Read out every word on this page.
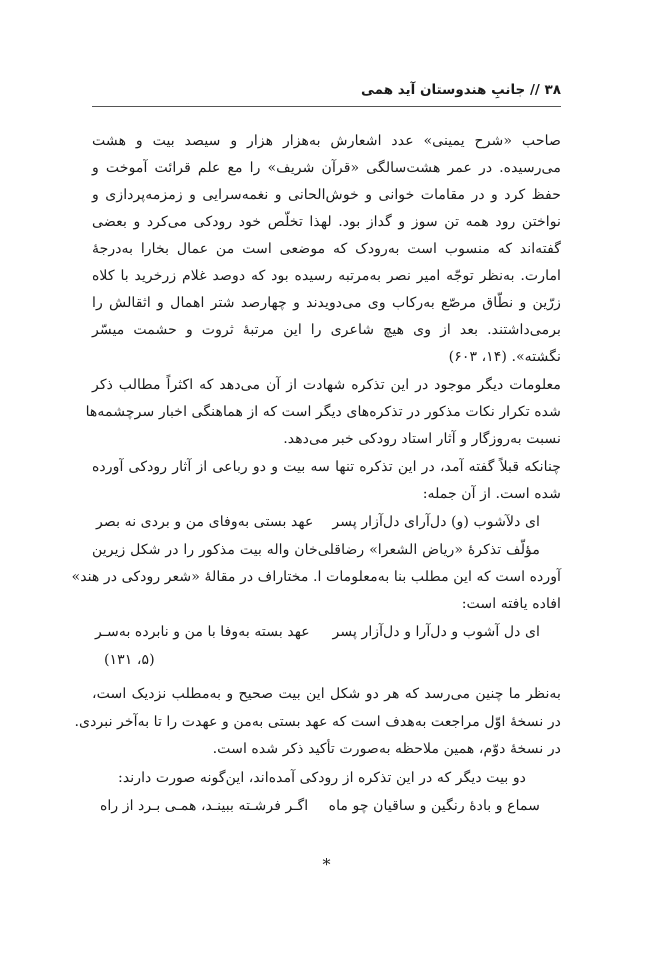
۳۸ // جانبِ هندوستان آید همی
صاحب «شرح یمینی» عدد اشعارش به‌هزار هزار و سیصد بیت و هشت
می‌رسیده. در عمر هشت‌سالگی «قرآن شریف» را مع علم قرائت آموخت و
حفظ کرد و در مقامات خوانی و خوش‌الحانی و نغمه‌سرایی و زمزمه‌پردازی و
نواختن رود همه تن سوز و گداز بود. لهذا تخلّص خود رودکی می‌کرد و بعضی
گفته‌اند که منسوب است به‌رودک که موضعی است من عمال بخارا به‌درجهٔ
امارت. به‌نظر توجّه امیر نصر به‌مرتبه رسیده بود که دوصد غلام زرخرید با کلاه
زرّین و نطّاق مرصّع به‌رکاب وی می‌دویدند و چهارصد شتر اهمال و اثقالش را
برمی‌داشتند. بعد از وی هیچ شاعری را این مرتبهٔ ثروت و حشمت میسّر
نگشته». (۱۴، ۶۰۳)
معلومات دیگر موجود در این تذکره شهادت از آن می‌دهد که اکثراً مطالب ذکر
شده تکرار نکات مذکور در تذکره‌های دیگر است که از هماهنگی اخبار سرچشمه‌ها
نسبت به‌روزگار و آثار استاد رودکی خبر می‌دهد.
چنانکه قبلاً گفته آمد، در این تذکره تنها سه بیت و دو رباعی از آثار رودکی آورده
شده است. از آن جمله:
ای دلآشوب (و) دل‌آرای دل‌آزار پسر
عهد بستی به‌وفای من و بردی نه بصر
مؤلّف تذکرهٔ «ریاض الشعرا» رضاقلی‌خان واله بیت مذکور را در شکل زیرین
آورده است که این مطلب بنا به‌معلومات ا. مختاراف در مقالهٔ «شعر رودکی در هند»
افاده یافته است:
ای دل آشوب و دل‌آرا و دل‌آزار پسر
عهد بسته به‌وفا با من و نابرده به‌سـر
(۵، ۱۳۱)
به‌نظر ما چنین می‌رسد که هر دو شکل این بیت صحیح و به‌مطلب نزدیک است،
در نسخهٔ اوّل مراجعت به‌هدف است که عهد بستی به‌من و عهدت را تا به‌آخر نبردی.
در نسخهٔ دوّم، همین ملاحظه به‌صورت تأکید ذکر شده است.
دو بیت دیگر که در این تذکره از رودکی آمده‌اند، این‌گونه صورت دارند:
سماع و بادهٔ رنگین و ساقیان چو ماه
اگـر فرشـته ببینـد، همـی بـرد از راه
*
